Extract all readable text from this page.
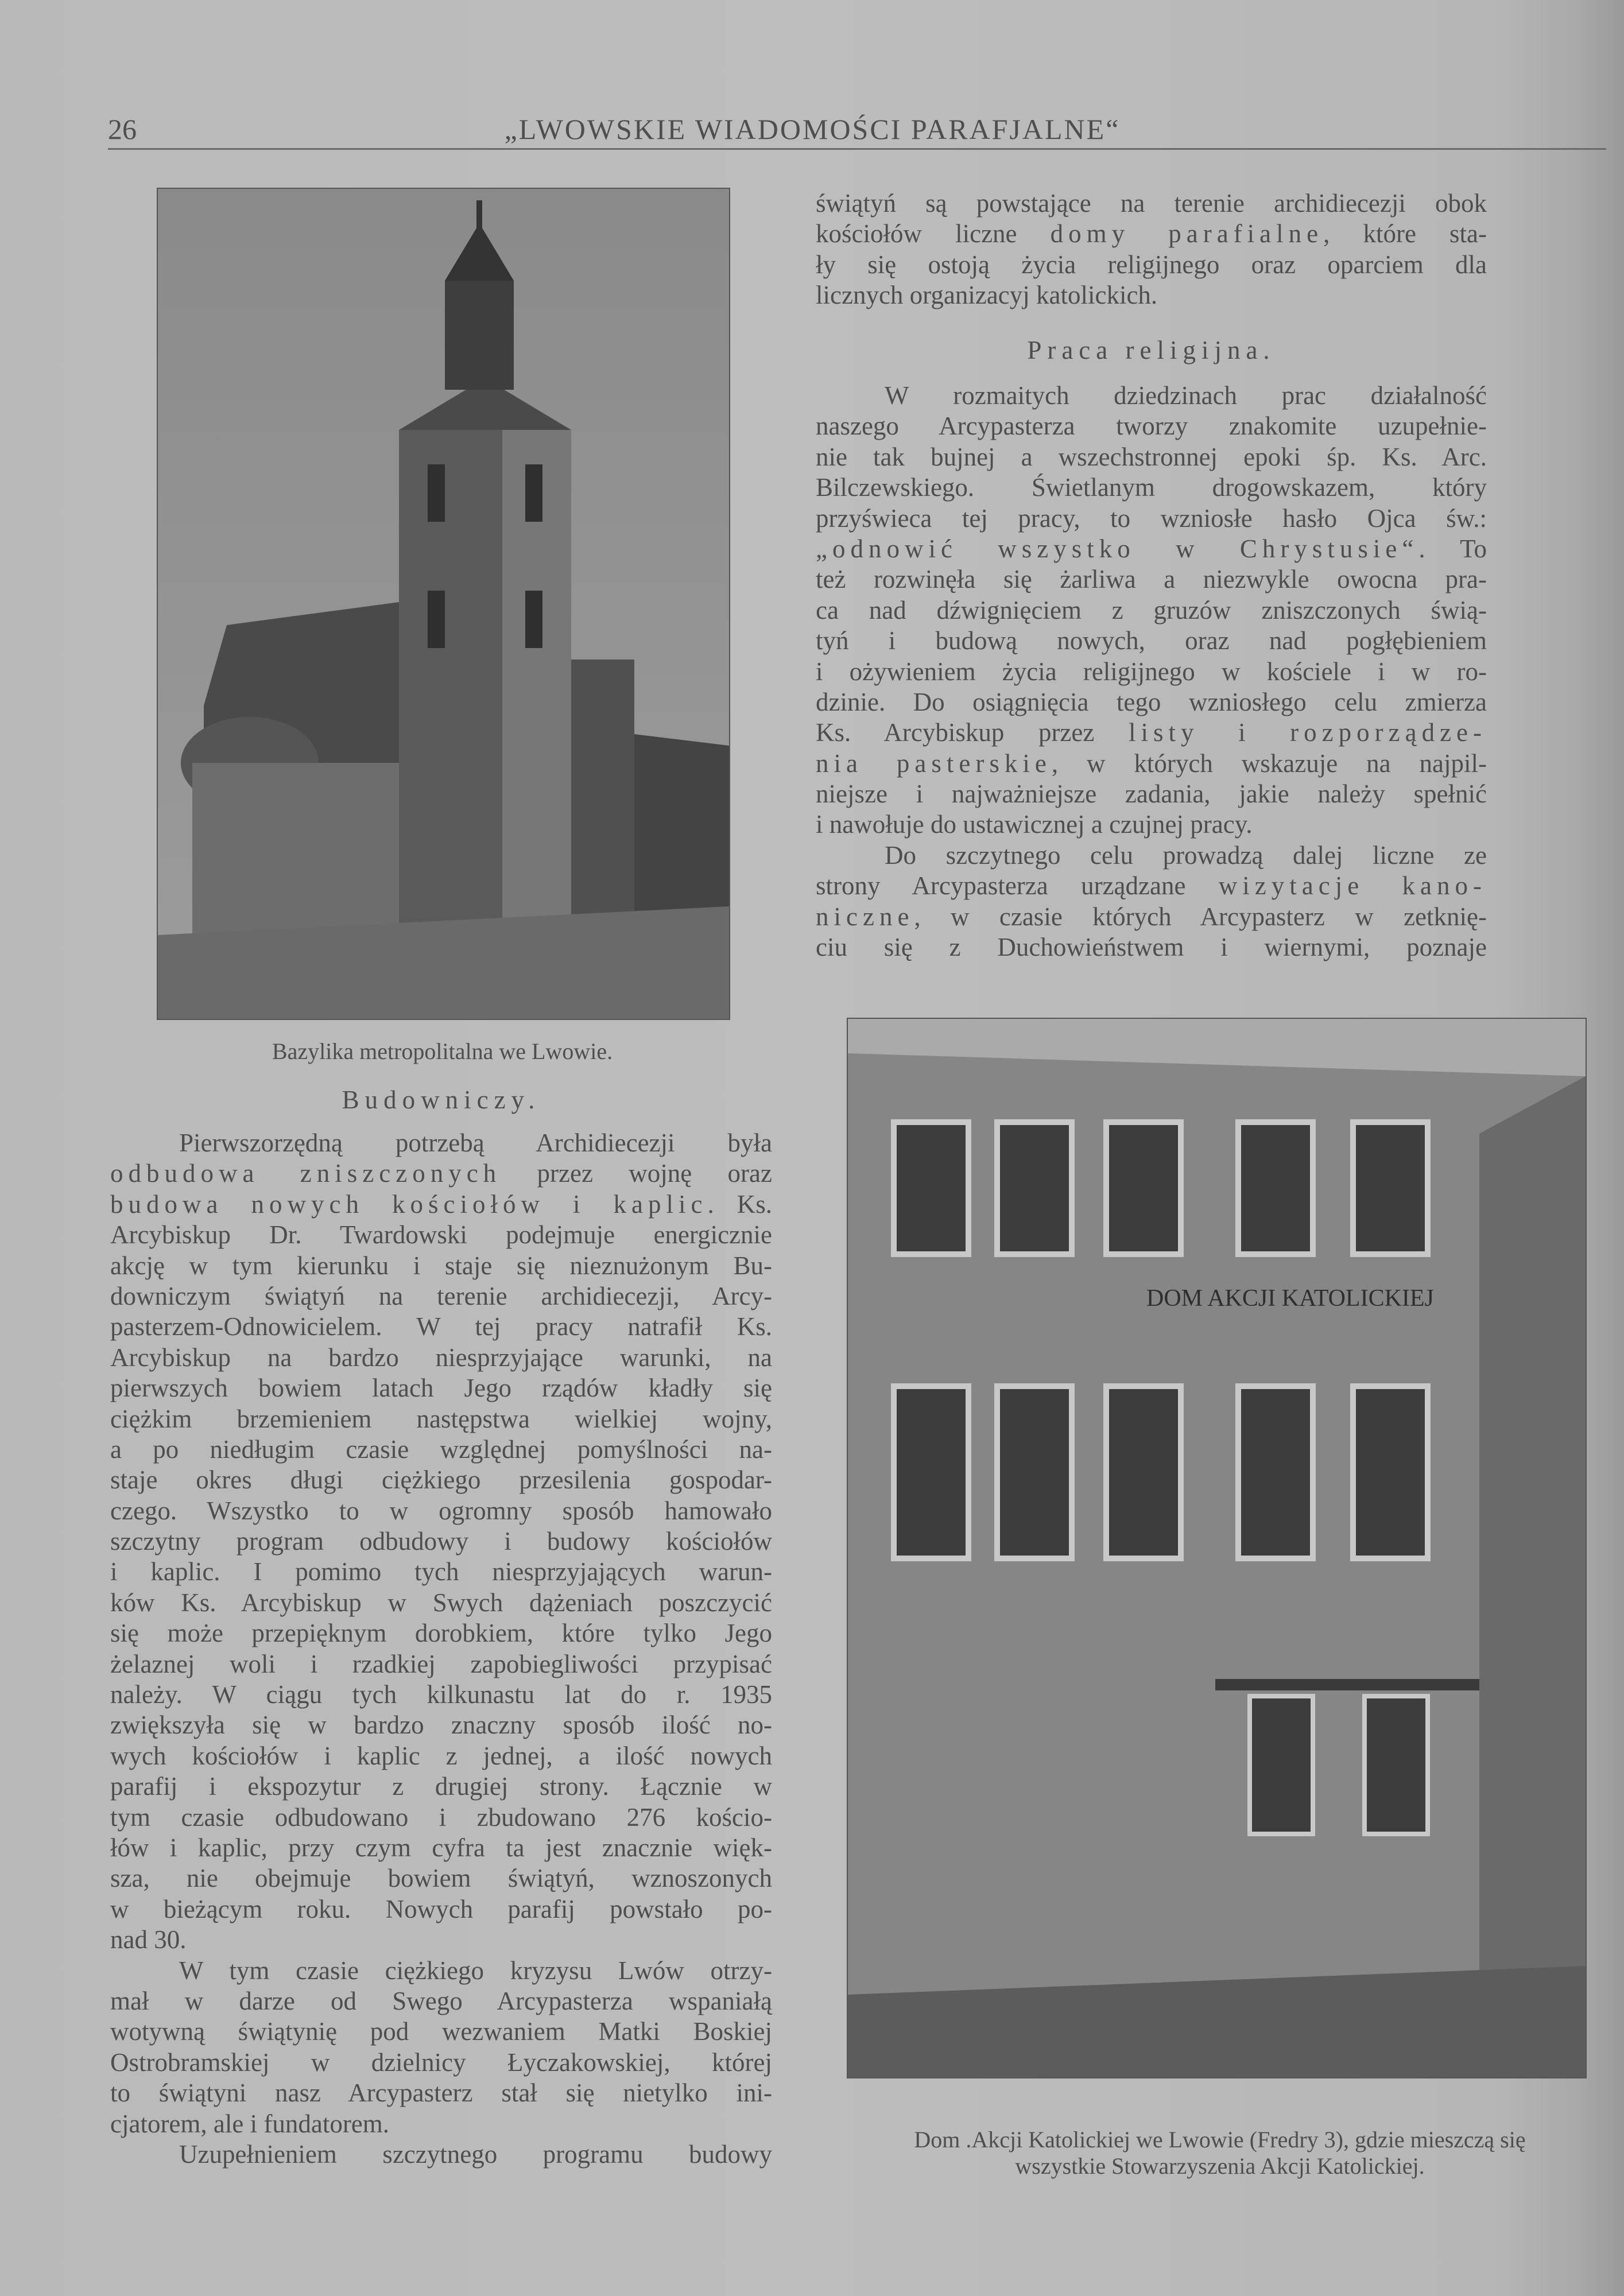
26	„LWOWSKIE WIADOMOŚCI PARAFJALNE“
Bazylika metropolitalna we Lwowie.
DOM AKCJI KATOLICKIEJ
Dom .Akcji Katolickiej we Lwowie (Fredry 3), gdzie mieszczą się
wszystkie Stowarzyszenia Akcji Katolickiej.
Budowniczy.
Pierwszorzędną potrzebą Archidiecezji była
odbudowa zniszczonych przez wojnę oraz
budowa nowych kościołów i kaplic. Ks.
Arcybiskup Dr. Twardowski podejmuje energicznie
akcję w tym kierunku i staje się nieznużonym Bu-
downiczym świątyń na terenie archidiecezji, Arcy-
pasterzem-Odnowicielem. W tej pracy natrafił Ks.
Arcybiskup na bardzo niesprzyjające warunki, na
pierwszych bowiem latach Jego rządów kładły się
ciężkim brzemieniem następstwa wielkiej wojny,
a po niedługim czasie względnej pomyślności na-
staje okres długi ciężkiego przesilenia gospodar-
czego. Wszystko to w ogromny sposób hamowało
szczytny program odbudowy i budowy kościołów
i kaplic. I pomimo tych niesprzyjających warun-
ków Ks. Arcybiskup w Swych dążeniach poszczycić
się może przepięknym dorobkiem, które tylko Jego
żelaznej woli i rzadkiej zapobiegliwości przypisać
należy. W ciągu tych kilkunastu lat do r. 1935
zwiększyła się w bardzo znaczny sposób ilość no-
wych kościołów i kaplic z jednej, a ilość nowych
parafij i ekspozytur z drugiej strony. Łącznie w
tym czasie odbudowano i zbudowano 276 kościo-
łów i kaplic, przy czym cyfra ta jest znacznie więk-
sza, nie obejmuje bowiem świątyń, wznoszonych
w bieżącym roku. Nowych parafij powstało po-
nad 30.
W tym czasie ciężkiego kryzysu Lwów otrzy-
mał w darze od Swego Arcypasterza wspaniałą
wotywną świątynię pod wezwaniem Matki Boskiej
Ostrobramskiej w dzielnicy Łyczakowskiej, której
to świątyni nasz Arcypasterz stał się nietylko ini-
cjatorem, ale i fundatorem.
Uzupełnieniem szczytnego programu budowy
świątyń są powstające na terenie archidiecezji obok
kościołów liczne domy parafialne, które sta-
ły się ostoją życia religijnego oraz oparciem dla
licznych organizacyj katolickich.
Praca religijna.
W rozmaitych dziedzinach prac działalność
naszego Arcypasterza tworzy znakomite uzupełnie-
nie tak bujnej a wszechstronnej epoki śp. Ks. Arc.
Bilczewskiego. Świetlanym drogowskazem, który
przyświeca tej pracy, to wzniosłe hasło Ojca św.:
„odnowić wszystko w Chrystusie“. To
też rozwinęła się żarliwa a niezwykle owocna pra-
ca nad dźwignięciem z gruzów zniszczonych świą-
tyń i budową nowych, oraz nad pogłębieniem
i ożywieniem życia religijnego w kościele i w ro-
dzinie. Do osiągnięcia tego wzniosłego celu zmierza
Ks. Arcybiskup przez listy i rozporządze-
nia pasterskie, w których wskazuje na najpil-
niejsze i najważniejsze zadania, jakie należy spełnić
i nawołuje do ustawicznej a czujnej pracy.
Do szczytnego celu prowadzą dalej liczne ze
strony Arcypasterza urządzane wizytacje kano-
niczne, w czasie których Arcypasterz w zetknię-
ciu się z Duchowieństwem i wiernymi, poznaje
